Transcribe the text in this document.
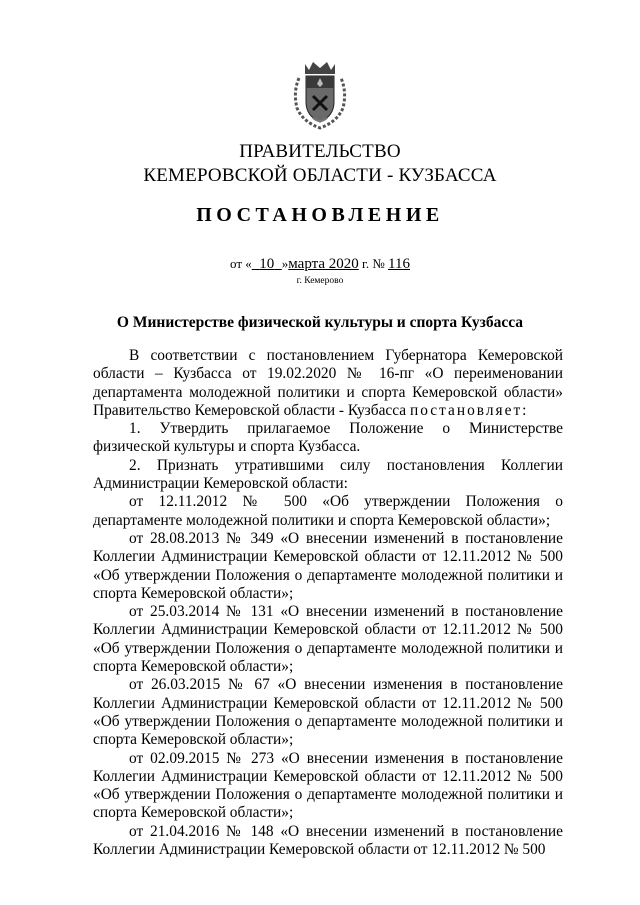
ПРАВИТЕЛЬСТВО
КЕМЕРОВСКОЙ ОБЛАСТИ - КУЗБАССА
ПОСТАНОВЛЕНИЕ
от « 10 »марта 2020 г. № 116
г. Кемерово
О Министерстве физической культуры и спорта Кузбасса

В соответствии с постановлением Губернатора Кемеровской области – Кузбасса от 19.02.2020 № 16-пг «О переименовании департамента молодежной политики и спорта Кемеровской области» Правительство Кемеровской области - Кузбасса постановляет:

1. Утвердить прилагаемое Положение о Министерстве физической культуры и спорта Кузбасса.

2. Признать утратившими силу постановления Коллегии Администрации Кемеровской области:

от 12.11.2012 № 500 «Об утверждении Положения о департаменте молодежной политики и спорта Кемеровской области»;

от 28.08.2013 № 349 «О внесении изменений в постановление Коллегии Администрации Кемеровской области от 12.11.2012 № 500 «Об утверждении Положения о департаменте молодежной политики и спорта Кемеровской области»;

от 25.03.2014 № 131 «О внесении изменений в постановление Коллегии Администрации Кемеровской области от 12.11.2012 № 500 «Об утверждении Положения о департаменте молодежной политики и спорта Кемеровской области»;

от 26.03.2015 № 67 «О внесении изменения в постановление Коллегии Администрации Кемеровской области от 12.11.2012 № 500 «Об утверждении Положения о департаменте молодежной политики и спорта Кемеровской области»;

от 02.09.2015 № 273 «О внесении изменения в постановление Коллегии Администрации Кемеровской области от 12.11.2012 № 500 «Об утверждении Положения о департаменте молодежной политики и спорта Кемеровской области»;

от 21.04.2016 № 148 «О внесении изменений в постановление Коллегии Администрации Кемеровской области от 12.11.2012 № 500
